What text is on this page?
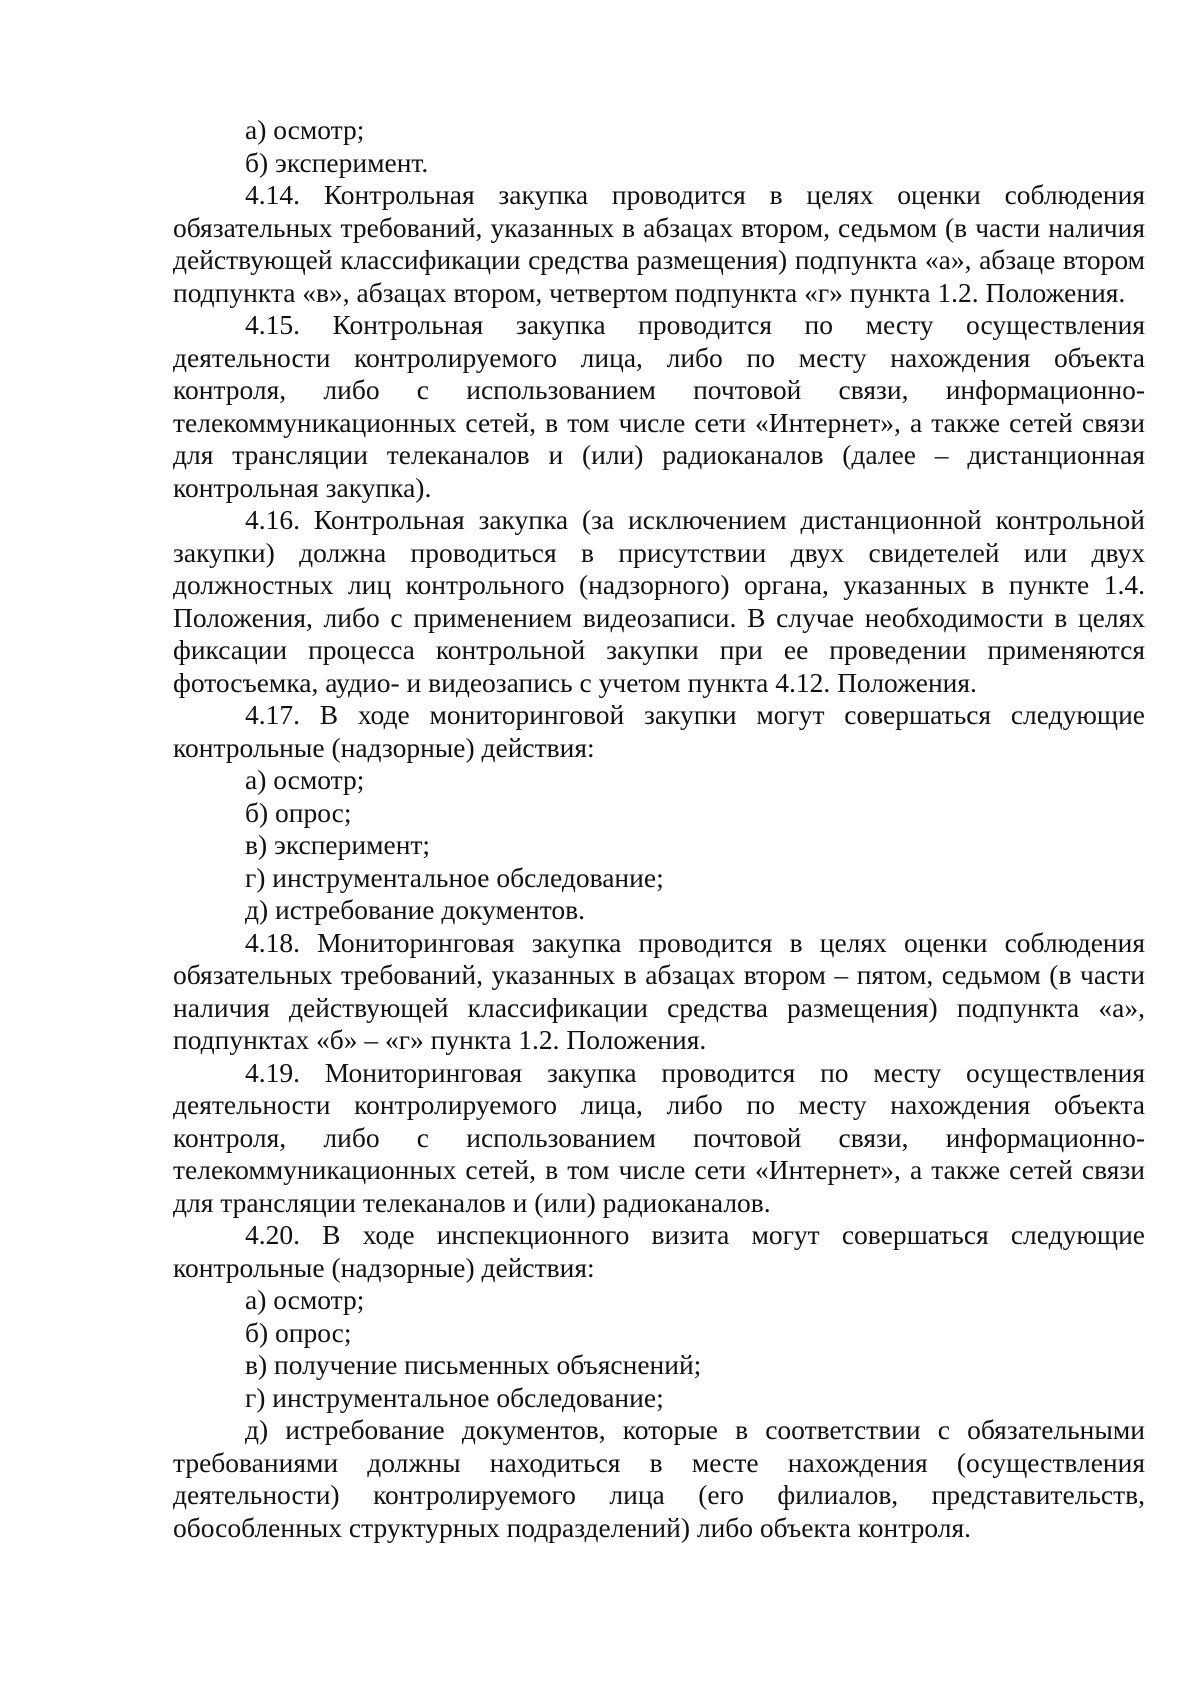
а) осмотр;

б) эксперимент.

4.14. Контрольная закупка проводится в целях оценки соблюдения обязательных требований, указанных в абзацах втором, седьмом (в части наличия действующей классификации средства размещения) подпункта «а», абзаце втором подпункта «в», абзацах втором, четвертом подпункта «г» пункта 1.2. Положения.

4.15. Контрольная закупка проводится по месту осуществления деятельности контролируемого лица, либо по месту нахождения объекта контроля, либо с использованием почтовой связи, информационно-телекоммуникационных сетей, в том числе сети «Интернет», а также сетей связи для трансляции телеканалов и (или) радиоканалов (далее – дистанционная контрольная закупка).

4.16. Контрольная закупка (за исключением дистанционной контрольной закупки) должна проводиться в присутствии двух свидетелей или двух должностных лиц контрольного (надзорного) органа, указанных в пункте 1.4. Положения, либо с применением видеозаписи. В случае необходимости в целях фиксации процесса контрольной закупки при ее проведении применяются фотосъемка, аудио- и видеозапись с учетом пункта 4.12. Положения.

4.17. В ходе мониторинговой закупки могут совершаться следующие контрольные (надзорные) действия:

а) осмотр;

б) опрос;

в) эксперимент;

г) инструментальное обследование;

д) истребование документов.

4.18. Мониторинговая закупка проводится в целях оценки соблюдения обязательных требований, указанных в абзацах втором – пятом, седьмом (в части наличия действующей классификации средства размещения) подпункта «а», подпунктах «б» – «г» пункта 1.2. Положения.

4.19. Мониторинговая закупка проводится по месту осуществления деятельности контролируемого лица, либо по месту нахождения объекта контроля, либо с использованием почтовой связи, информационно-телекоммуникационных сетей, в том числе сети «Интернет», а также сетей связи для трансляции телеканалов и (или) радиоканалов.

4.20. В ходе инспекционного визита могут совершаться следующие контрольные (надзорные) действия:

а) осмотр;

б) опрос;

в) получение письменных объяснений;

г) инструментальное обследование;

д) истребование документов, которые в соответствии с обязательными требованиями должны находиться в месте нахождения (осуществления деятельности) контролируемого лица (его филиалов, представительств, обособленных структурных подразделений) либо объекта контроля.
